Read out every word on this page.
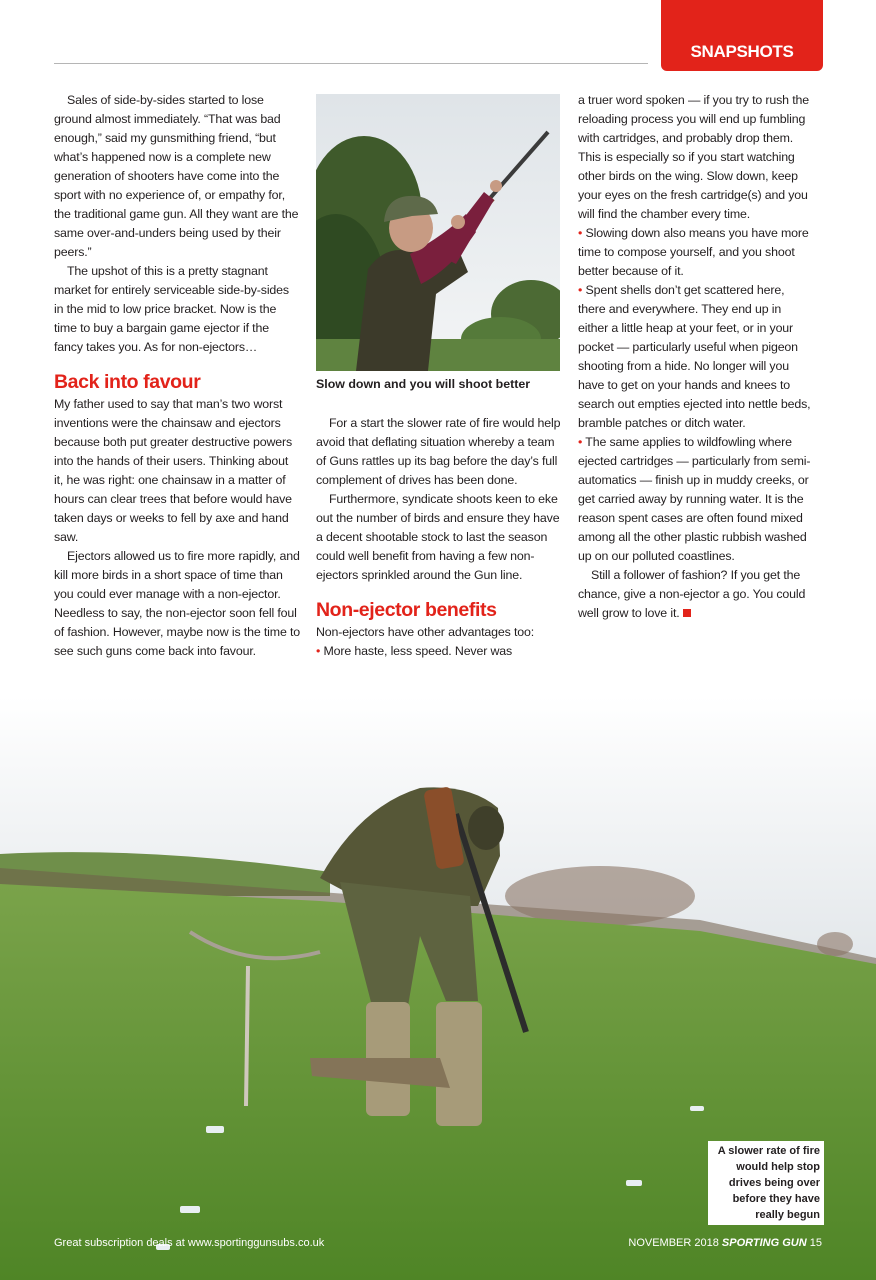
SNAPSHOTS

Sales of side-by-sides started to lose ground almost immediately. “That was bad enough,” said my gunsmithing friend, “but what’s happened now is a complete new generation of shooters have come into the sport with no experience of, or empathy for, the traditional game gun. All they want are the same over-and-unders being used by their peers.”

The upshot of this is a pretty stagnant market for entirely serviceable side-by-sides in the mid to low price bracket. Now is the time to buy a bargain game ejector if the fancy takes you. As for non-ejectors…

Back into favour

My father used to say that man’s two worst inventions were the chainsaw and ejectors because both put greater destructive powers into the hands of their users. Thinking about it, he was right: one chainsaw in a matter of hours can clear trees that before would have taken days or weeks to fell by axe and hand saw.

Ejectors allowed us to fire more rapidly, and kill more birds in a short space of time than you could ever manage with a non-ejector. Needless to say, the non-ejector soon fell foul of fashion. However, maybe now is the time to see such guns come back into favour.

Slow down and you will shoot better

For a start the slower rate of fire would help avoid that deflating situation whereby a team of Guns rattles up its bag before the day’s full complement of drives has been done.

Furthermore, syndicate shoots keen to eke out the number of birds and ensure they have a decent shootable stock to last the season could well benefit from having a few non-ejectors sprinkled around the Gun line.

Non-ejector benefits

Non-ejectors have other advantages too:

• More haste, less speed. Never was

a truer word spoken — if you try to rush the reloading process you will end up fumbling with cartridges, and probably drop them. This is especially so if you start watching other birds on the wing. Slow down, keep your eyes on the fresh cartridge(s) and you will find the chamber every time.

• Slowing down also means you have more time to compose yourself, and you shoot better because of it.

• Spent shells don’t get scattered here, there and everywhere. They end up in either a little heap at your feet, or in your pocket — particularly useful when pigeon shooting from a hide. No longer will you have to get on your hands and knees to search out empties ejected into nettle beds, bramble patches or ditch water.

• The same applies to wildfowling where ejected cartridges — particularly from semi-automatics — finish up in muddy creeks, or get carried away by running water. It is the reason spent cases are often found mixed among all the other plastic rubbish washed up on our polluted coastlines.

Still a follower of fashion? If you get the chance, give a non-ejector a go. You could well grow to love it.

A slower rate of fire would help stop drives being over before they have really begun
Great subscription deals at www.sportinggunsubs.co.uk	NOVEMBER 2018 SPORTING GUN 15
